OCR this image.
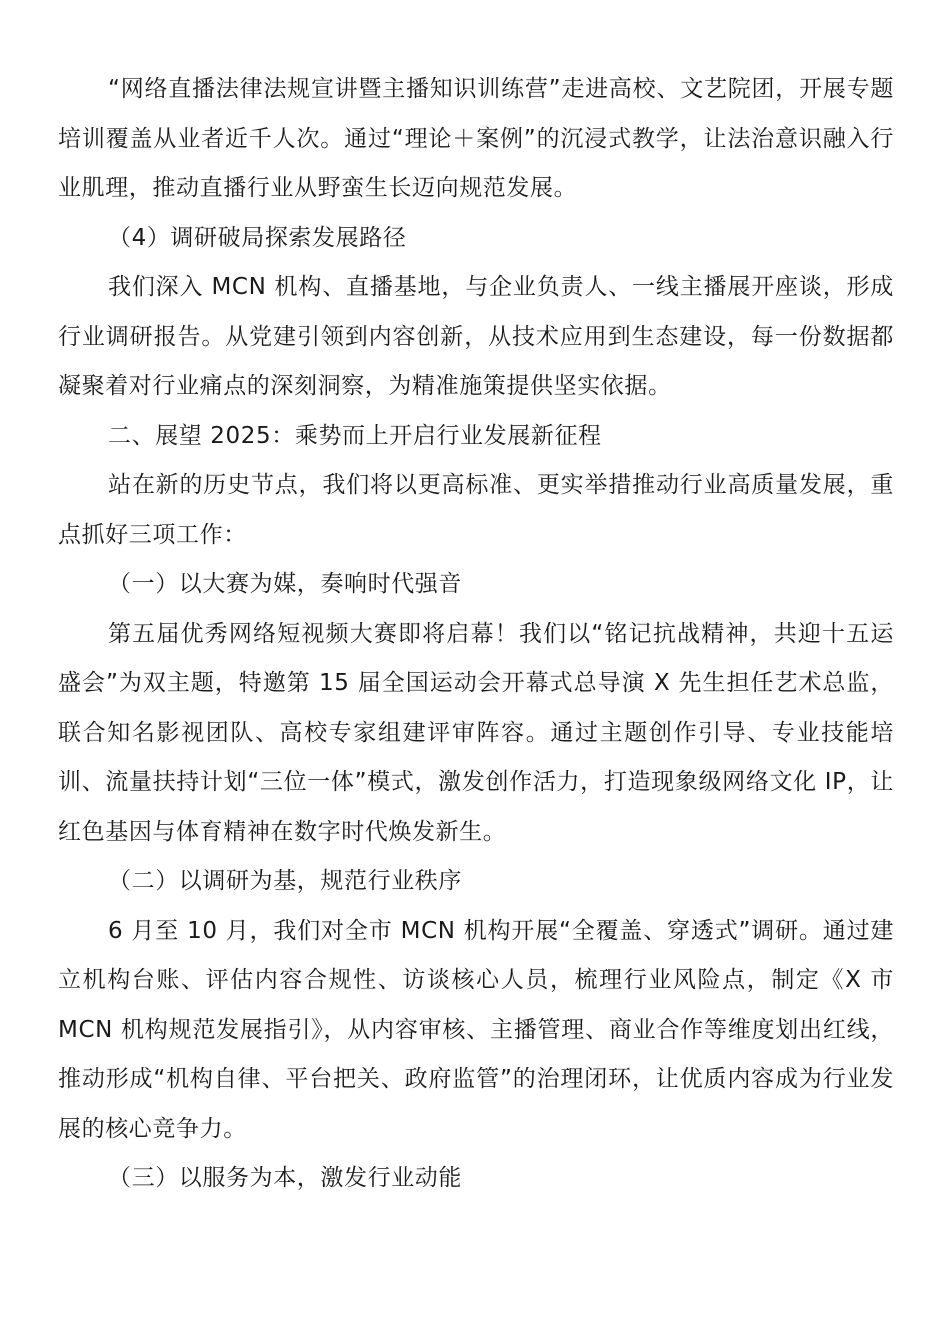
“网络直播法律法规宣讲暨主播知识训练营”走进高校、文艺院团，开展专题培训覆盖从业者近千人次。通过“理论＋案例”的沉浸式教学，让法治意识融入行业肌理，推动直播行业从野蛮生长迈向规范发展。

（4）调研破局探索发展路径

我们深入 MCN 机构、直播基地，与企业负责人、一线主播展开座谈，形成行业调研报告。从党建引领到内容创新，从技术应用到生态建设，每一份数据都凝聚着对行业痛点的深刻洞察，为精准施策提供坚实依据。

二、展望 2025：乘势而上开启行业发展新征程

站在新的历史节点，我们将以更高标准、更实举措推动行业高质量发展，重点抓好三项工作：

（一）以大赛为媒，奏响时代强音

第五届优秀网络短视频大赛即将启幕！我们以“铭记抗战精神，共迎十五运盛会”为双主题，特邀第 15 届全国运动会开幕式总导演 X 先生担任艺术总监，联合知名影视团队、高校专家组建评审阵容。通过主题创作引导、专业技能培训、流量扶持计划“三位一体”模式，激发创作活力，打造现象级网络文化 IP，让红色基因与体育精神在数字时代焕发新生。

（二）以调研为基，规范行业秩序

6 月至 10 月，我们对全市 MCN 机构开展“全覆盖、穿透式”调研。通过建立机构台账、评估内容合规性、访谈核心人员，梳理行业风险点，制定《X 市 MCN 机构规范发展指引》，从内容审核、主播管理、商业合作等维度划出红线，推动形成“机构自律、平台把关、政府监管”的治理闭环，让优质内容成为行业发展的核心竞争力。

（三）以服务为本，激发行业动能
